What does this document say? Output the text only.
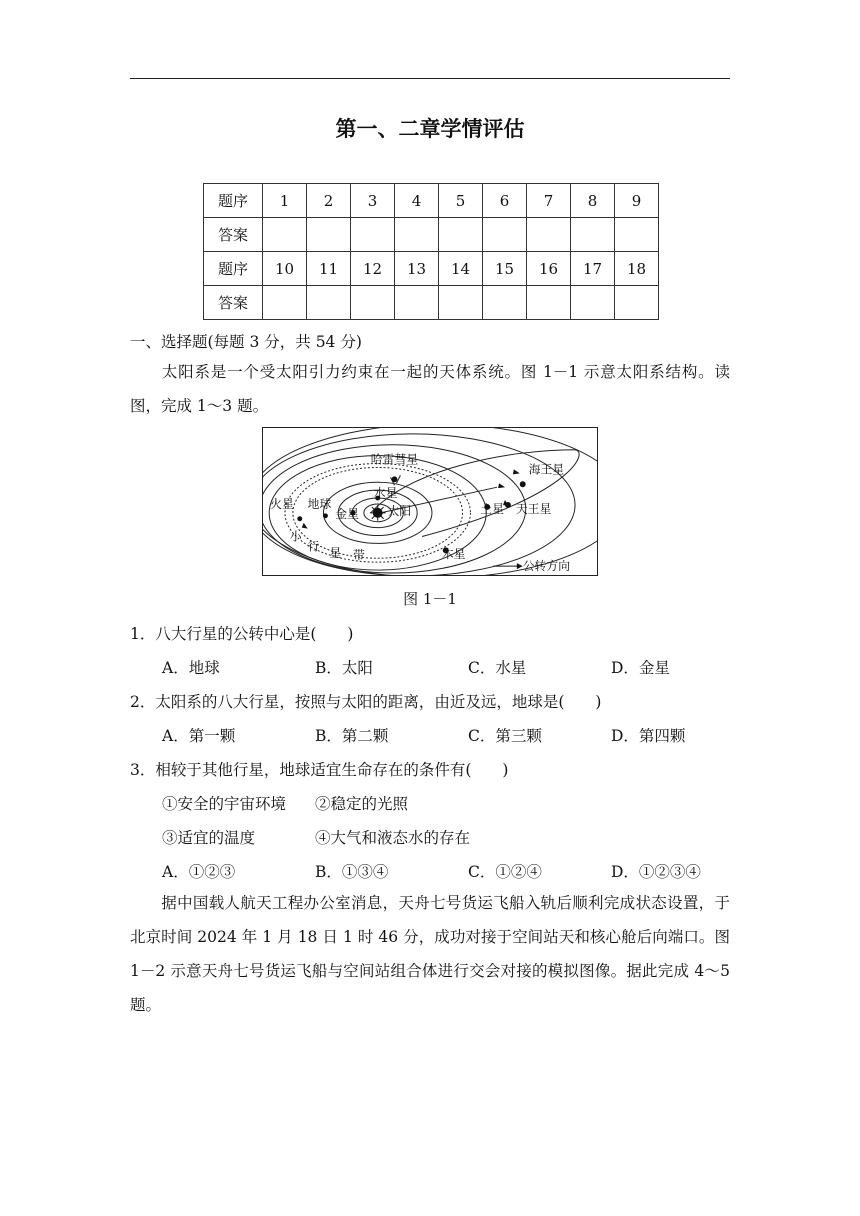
第一、二章学情评估
题序	1	2	3	4	5	6	7	8	9
答案									
题序	10	11	12	13	14	15	16	17	18
答案									
一、选择题(每题 3 分，共 54 分)
太阳系是一个受太阳引力约束在一起的天体系统。图 1－1 示意太阳系结构。读图，完成 1～3 题。
哈雷彗星
海王星
水星
火星 地球
金星 太阳	土星 天王星
小
行 星 带	木星
公转方向
图 1－1
1．八大行星的公转中心是(　　)
A．地球	B．太阳	C．水星	D．金星
2．太阳系的八大行星，按照与太阳的距离，由近及远，地球是(　　)
A．第一颗	B．第二颗	C．第三颗	D．第四颗
3．相较于其他行星，地球适宜生命存在的条件有(　　)
①安全的宇宙环境 ②稳定的光照
③适宜的温度	④大气和液态水的存在
A．①②③	B．①③④	C．①②④	D．①②③④
据中国载人航天工程办公室消息，天舟七号货运飞船入轨后顺利完成状态设置，于北京时间 2024 年 1 月 18 日 1 时 46 分，成功对接于空间站天和核心舱后向端口。图 1－2 示意天舟七号货运飞船与空间站组合体进行交会对接的模拟图像。据此完成 4～5 题。
